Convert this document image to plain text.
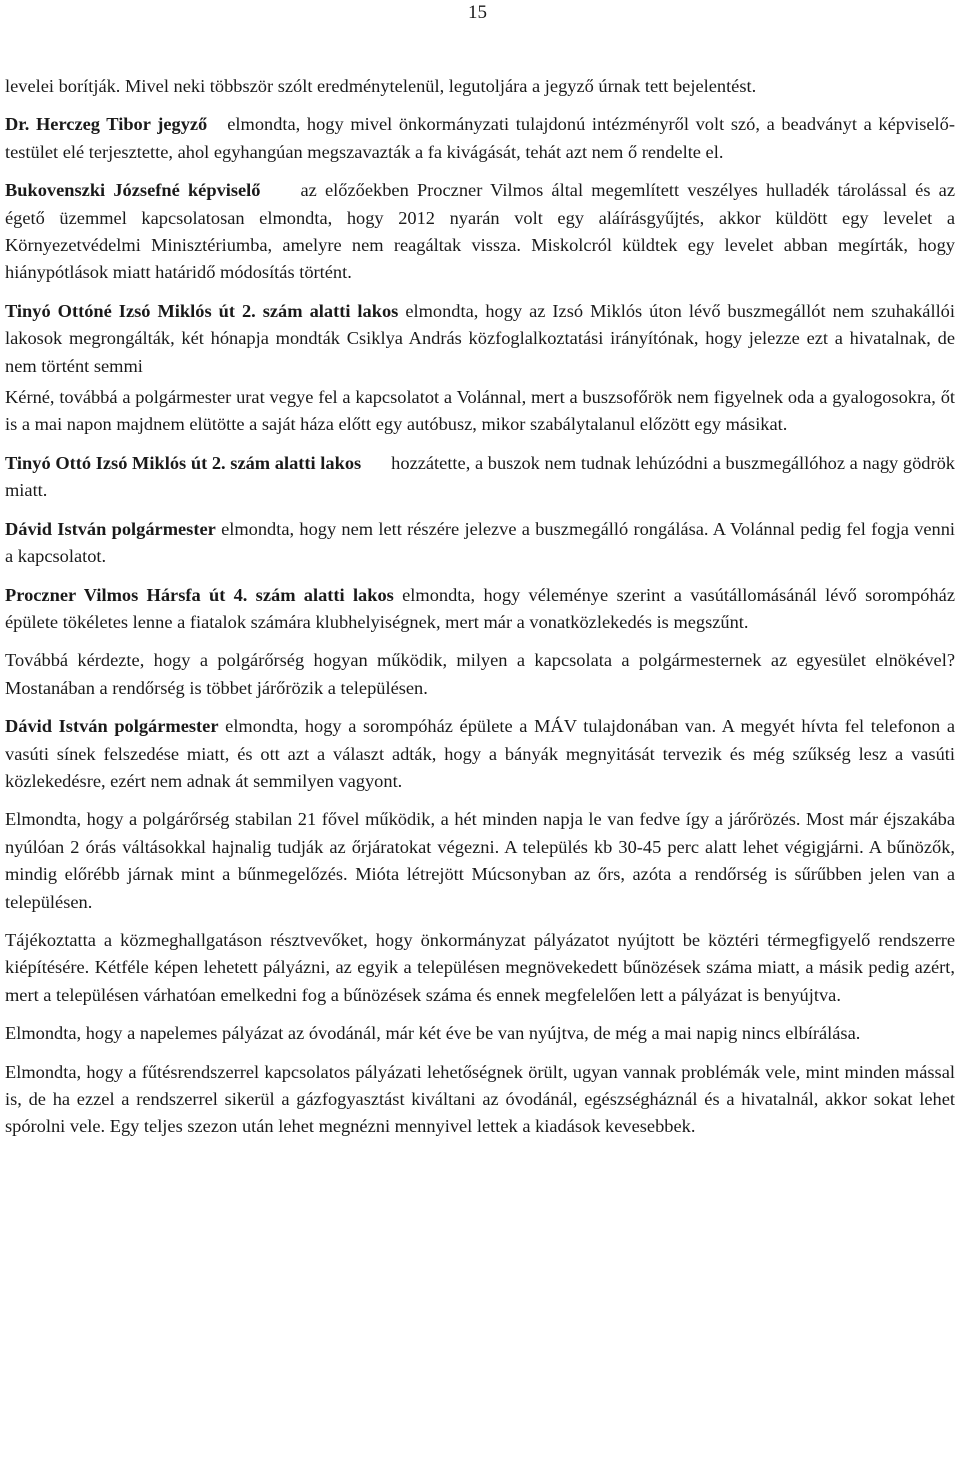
15

levelei borítják. Mivel neki többször szólt eredménytelenül, legutoljára a jegyző úrnak tett bejelentést.

Dr. Herczeg Tibor jegyző elmondta, hogy mivel önkormányzati tulajdonú intézményről volt szó, a beadványt a képviselő-testület elé terjesztette, ahol egyhangúan megszavazták a fa kivágását, tehát azt nem ő rendelte el.

Bukovenszki Józsefné képviselő az előzőekben Proczner Vilmos által megemlített veszélyes hulladék tárolással és az égető üzemmel kapcsolatosan elmondta, hogy 2012 nyarán volt egy aláírásgyűjtés, akkor küldött egy levelet a Környezetvédelmi Minisztériumba, amelyre nem reagáltak vissza. Miskolcról küldtek egy levelet abban megírták, hogy hiánypótlások miatt határidő módosítás történt.

Tinyó Ottóné Izsó Miklós út 2. szám alatti lakos elmondta, hogy az Izsó Miklós úton lévő buszmegállót nem szuhakállói lakosok megrongálták, két hónapja mondták Csiklya András közfoglalkoztatási irányítónak, hogy jelezze ezt a hivatalnak, de nem történt semmi

Kérné, továbbá a polgármester urat vegye fel a kapcsolatot a Volánnal, mert a buszsofőrök nem figyelnek oda a gyalogosokra, őt is a mai napon majdnem elütötte a saját háza előtt egy autóbusz, mikor szabálytalanul előzött egy másikat.

Tinyó Ottó Izsó Miklós út 2. szám alatti lakos hozzátette, a buszok nem tudnak lehúzódni a buszmegállóhoz a nagy gödrök miatt.

Dávid István polgármester elmondta, hogy nem lett részére jelezve a buszmegálló rongálása. A Volánnal pedig fel fogja venni a kapcsolatot.

Proczner Vilmos Hársfa út 4. szám alatti lakos elmondta, hogy véleménye szerint a vasútállomásánál lévő sorompóház épülete tökéletes lenne a fiatalok számára klubhelyiségnek, mert már a vonatközlekedés is megszűnt.

Továbbá kérdezte, hogy a polgárőrség hogyan működik, milyen a kapcsolata a polgármesternek az egyesület elnökével? Mostanában a rendőrség is többet járőrözik a településen.

Dávid István polgármester elmondta, hogy a sorompóház épülete a MÁV tulajdonában van. A megyét hívta fel telefonon a vasúti sínek felszedése miatt, és ott azt a választ adták, hogy a bányák megnyitását tervezik és még szűkség lesz a vasúti közlekedésre, ezért nem adnak át semmilyen vagyont.

Elmondta, hogy a polgárőrség stabilan 21 fővel működik, a hét minden napja le van fedve így a járőrözés. Most már éjszakába nyúlóan 2 órás váltásokkal hajnalig tudják az őrjáratokat végezni. A település kb 30-45 perc alatt lehet végigjárni. A bűnözők, mindig előrébb járnak mint a bűnmegelőzés. Mióta létrejött Múcsonyban az őrs, azóta a rendőrség is sűrűbben jelen van a településen.

Tájékoztatta a közmeghallgatáson résztvevőket, hogy önkormányzat pályázatot nyújtott be köztéri térmegfigyelő rendszerre kiépítésére. Kétféle képen lehetett pályázni, az egyik a településen megnövekedett bűnözések száma miatt, a másik pedig azért, mert a településen várhatóan emelkedni fog a bűnözések száma és ennek megfelelően lett a pályázat is benyújtva.

Elmondta, hogy a napelemes pályázat az óvodánál, már két éve be van nyújtva, de még a mai napig nincs elbírálása.

Elmondta, hogy a fűtésrendszerrel kapcsolatos pályázati lehetőségnek örült, ugyan vannak problémák vele, mint minden mással is, de ha ezzel a rendszerrel sikerül a gázfogyasztást kiváltani az óvodánál, egészségháznál és a hivatalnál, akkor sokat lehet spórolni vele. Egy teljes szezon után lehet megnézni mennyivel lettek a kiadások kevesebbek.
